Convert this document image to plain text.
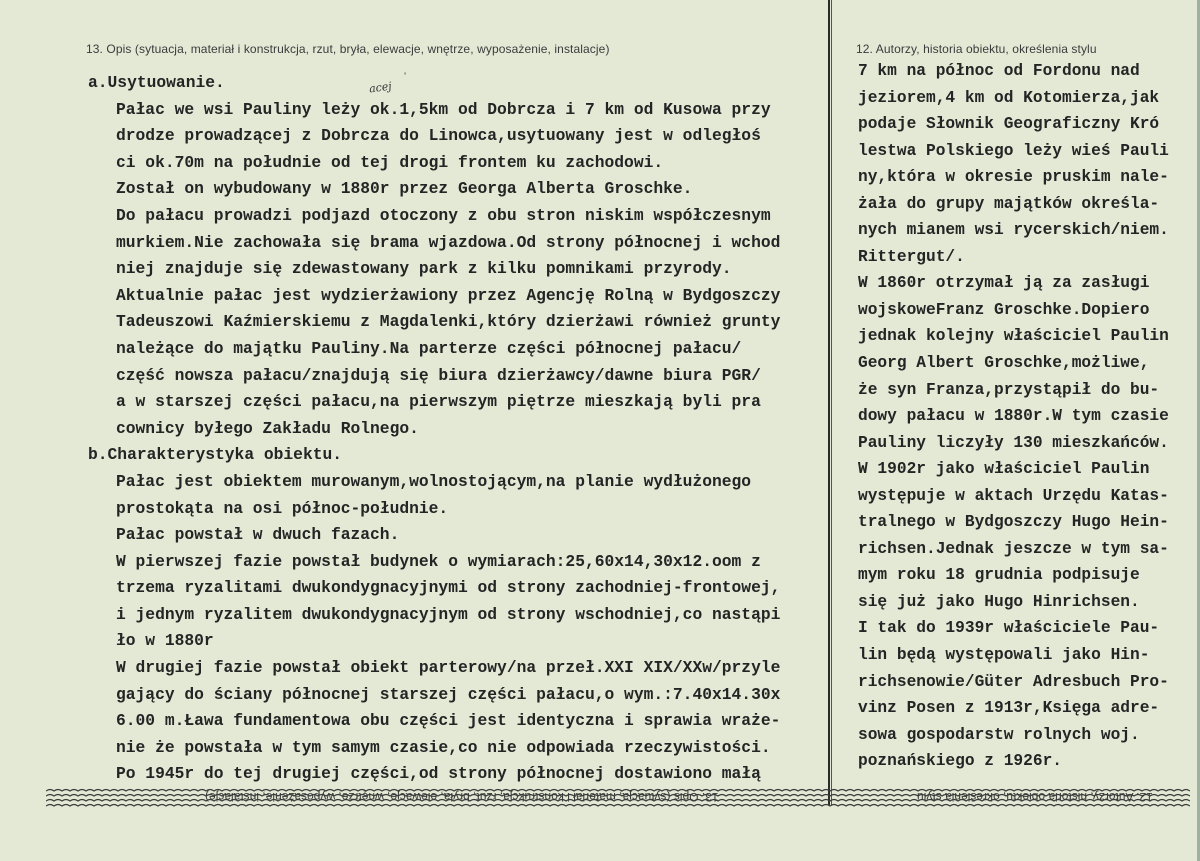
13. Opis (sytuacja, materiał i konstrukcja, rzut, bryła, elewacje, wnętrze, wyposażenie, instalacje)	12. Autorzy, historia obiektu, określenia stylu
acej
ʼ
a.Usytuowanie.
Pałac we wsi Pauliny leży ok.1,5km od Dobrcza i 7 km od Kusowa przy
drodze prowadzącej z Dobrcza do Linowca,usytuowany jest w odległoś
ci ok.70m na południe od tej drogi frontem ku zachodowi.
Został on wybudowany w 1880r przez Georga Alberta Groschke.
Do pałacu prowadzi podjazd otoczony z obu stron niskim współczesnym
murkiem.Nie zachowała się brama wjazdowa.Od strony północnej i wchod
niej znajduje się zdewastowany park z kilku pomnikami przyrody.
Aktualnie pałac jest wydzierżawiony przez Agencję Rolną w Bydgoszczy
Tadeuszowi Kaźmierskiemu z Magdalenki,który dzierżawi również grunty
należące do majątku Pauliny.Na parterze części północnej pałacu/
część nowsza pałacu/znajdują się biura dzierżawcy/dawne biura PGR/
a w starszej części pałacu,na pierwszym piętrze mieszkają byli pra
cownicy byłego Zakładu Rolnego.
b.Charakterystyka obiektu.
Pałac jest obiektem murowanym,wolnostojącym,na planie wydłużonego
prostokąta na osi północ-południe.
Pałac powstał w dwuch fazach.
W pierwszej fazie powstał budynek o wymiarach:25,60x14,30x12.oom z
trzema ryzalitami dwukondygnacyjnymi od strony zachodniej-frontowej,
i jednym ryzalitem dwukondygnacyjnym od strony wschodniej,co nastąpi
ło w 1880r
W drugiej fazie powstał obiekt parterowy/na przeł.XXI XIX/XXw/przyle
gający do ściany północnej starszej części pałacu,o wym.:7.40x14.30x
6.00 m.Ława fundamentowa obu części jest identyczna i sprawia wraże-
nie że powstała w tym samym czasie,co nie odpowiada rzeczywistości.
Po 1945r do tej drugiej części,od strony północnej dostawiono małą
7 km na północ od Fordonu nad
jeziorem,4 km od Kotomierza,jak
podaje Słownik Geograficzny Kró
lestwa Polskiego leży wieś Pauli
ny,która w okresie pruskim nale-
żała do grupy majątków określa-
nych mianem wsi rycerskich/niem.
Rittergut/.
W 1860r otrzymał ją za zasługi
wojskoweFranz Groschke.Dopiero
jednak kolejny właściciel Paulin
Georg Albert Groschke,możliwe,
że syn Franza,przystąpił do bu-
dowy pałacu w 1880r.W tym czasie
Pauliny liczyły 130 mieszkańców.
W 1902r jako właściciel Paulin
występuje w aktach Urzędu Katas-
tralnego w Bydgoszczy Hugo Hein-
richsen.Jednak jeszcze w tym sa-
mym roku 18 grudnia podpisuje
się już jako Hugo Hinrichsen.
I tak do 1939r właściciele Pau-
lin będą występowali jako Hin-
richsenowie/Güter Adresbuch Pro-
vinz Posen z 1913r,Księga adre-
sowa gospodarstw rolnych woj.
poznańskiego z 1926r.
13. Opis (sytuacja, materiał i konstrukcja, rzut, bryła, elewacje, wnętrze, wyposażenie, instalacje)	12. Autorzy, historia obiektu, określenia stylu
